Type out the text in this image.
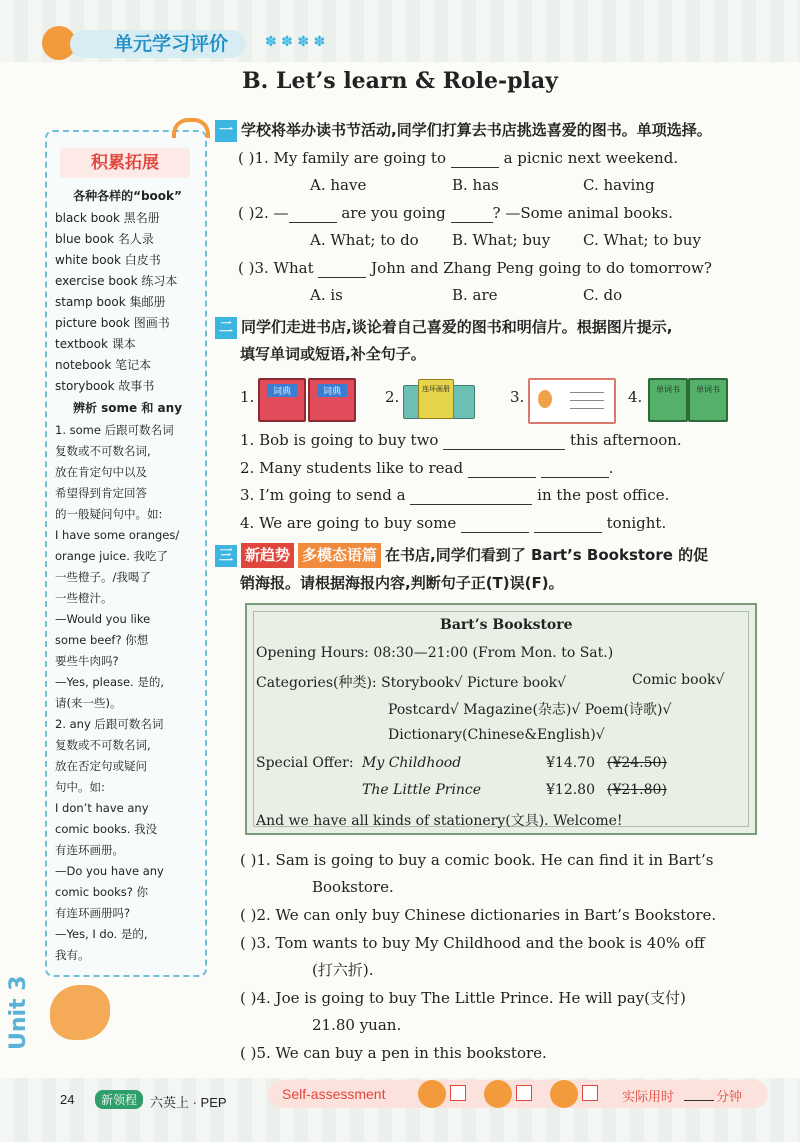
单元学习评价	✽ ✽ ✽ ✽
B. Let’s learn & Role-play
积累拓展
各种各样的“book”
black book 黑名册
blue book 名人录
white book 白皮书
exercise book 练习本
stamp book 集邮册
picture book 图画书
textbook 课本
notebook 笔记本
storybook 故事书
辨析 some 和 any
1. some 后跟可数名词
复数或不可数名词,
放在肯定句中以及
希望得到肯定回答
的一般疑问句中。如:
I have some oranges/
orange juice. 我吃了
一些橙子。/我喝了
一些橙汁。
—Would you like
some beef? 你想
要些牛肉吗?
—Yes, please. 是的,
请(来一些)。
2. any 后跟可数名词
复数或不可数名词,
放在否定句或疑问
句中。如:
I don’t have any
comic books. 我没
有连环画册。
—Do you have any
comic books? 你
有连环画册吗?
—Yes, I do. 是的,
我有。
Unit 3
一 学校将举办读书节活动,同学们打算去书店挑选喜爱的图书。单项选择。
( )1. My family are going to	a picnic next weekend.
A. have	B. has	C. having
( )2. —	are you going	? —Some animal books.
A. What; to do B. What; buy C. What; to buy
( )3. What	John and Zhang Peng going to do tomorrow?
A. is	B. are	C. do
二 同学们走进书店,谈论着自己喜爱的图书和明信片。根据图片提示,
填写单词或短语,补全句子。
1.	词典	词典	2.	连环画册	3.	4.	单词书	单词书
1. Bob is going to buy two	this afternoon.
2. Many students like to read	.
3. I’m going to send a	in the post office.
4. We are going to buy some	tonight.
三 新趋势 多模态语篇 在书店,同学们看到了 Bart’s Bookstore 的促
销海报。请根据海报内容,判断句子正(T)误(F)。
Bart’s Bookstore
Opening Hours: 08:30—21:00 (From Mon. to Sat.)
Categories(种类): Storybook√ Picture book√	Comic book√
Postcard√ Magazine(杂志)√ Poem(诗歌)√
Dictionary(Chinese&English)√
Special Offer: My Childhood	¥14.70 (¥24.50)
The Little Prince	¥12.80 (¥21.80)
And we have all kinds of stationery(文具). Welcome!
( )1. Sam is going to buy a comic book. He can find it in Bart’s
Bookstore.
( )2. We can only buy Chinese dictionaries in Bart’s Bookstore.
( )3. Tom wants to buy My Childhood and the book is 40% off
(打六折).
( )4. Joe is going to buy The Little Prince. He will pay(支付)
21.80 yuan.
( )5. We can buy a pen in this bookstore.
24	新领程 六英上 · PEP
Self-assessment	实际用时	分钟
